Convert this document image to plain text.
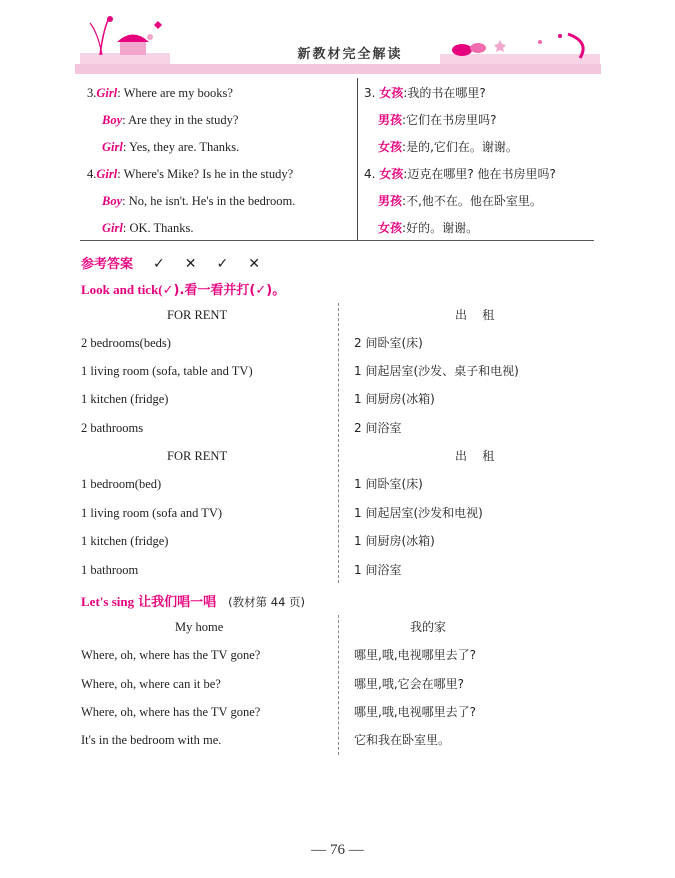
新教材完全解读
3.Girl: Where are my books?
Boy: Are they in the study?
Girl: Yes, they are. Thanks.
4.Girl: Where's Mike? Is he in the study?
Boy: No, he isn't. He's in the bedroom.
Girl: OK. Thanks.
3. 女孩:我的书在哪里?
男孩:它们在书房里吗?
女孩:是的,它们在。谢谢。
4. 女孩:迈克在哪里? 他在书房里吗?
男孩:不,他不在。他在卧室里。
女孩:好的。谢谢。
参考答案 ✓ ✕ ✓ ✕
Look and tick(✓).看一看并打(✓)。
FOR RENT	出    租
2 bedrooms(beds)	2 间卧室(床)
1 living room (sofa, table and TV)	1 间起居室(沙发、桌子和电视)
1 kitchen (fridge)	1 间厨房(冰箱)
2 bathrooms	2 间浴室
FOR RENT	出    租
1 bedroom(bed)	1 间卧室(床)
1 living room (sofa and TV)	1 间起居室(沙发和电视)
1 kitchen (fridge)	1 间厨房(冰箱)
1 bathroom	1 间浴室
Let's sing 让我们唱一唱 (教材第 44 页)
My home	我的家
Where, oh, where has the TV gone?	哪里,哦,电视哪里去了?
Where, oh, where can it be?	哪里,哦,它会在哪里?
Where, oh, where has the TV gone?	哪里,哦,电视哪里去了?
It's in the bedroom with me.	它和我在卧室里。
— 76 —
